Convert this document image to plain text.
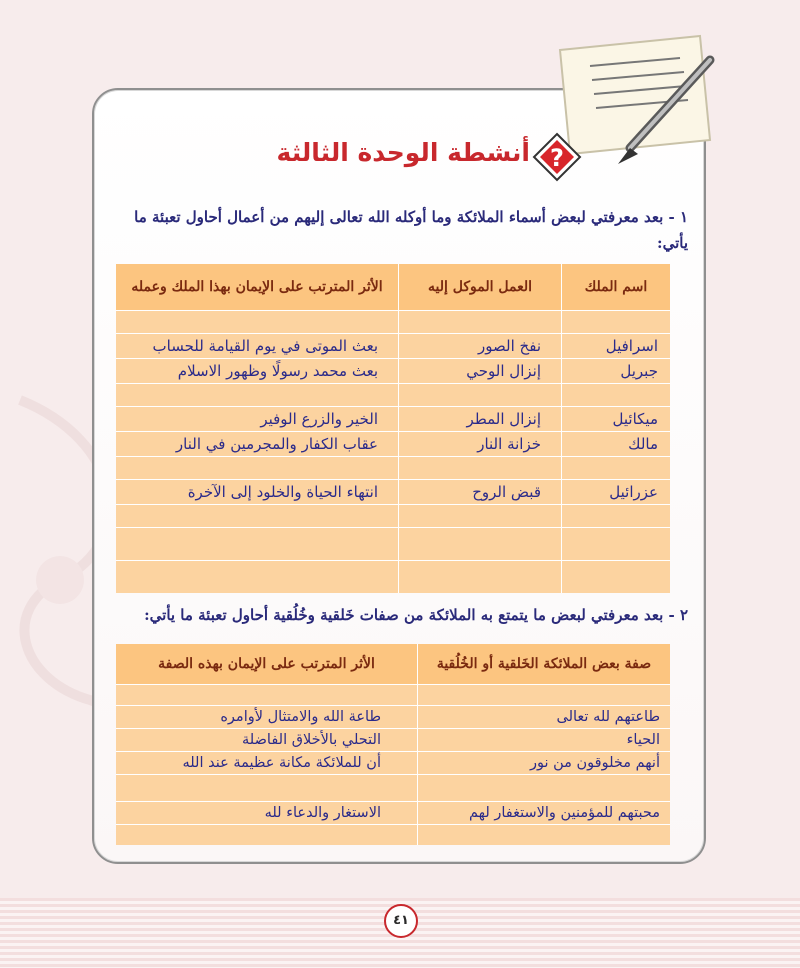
?
أنشطة الوحدة الثالثة
١ - بعد معرفتي لبعض أسماء الملائكة وما أوكله الله تعالى إليهم من أعمال أحاول تعبئة ما يأتي:
اسم الملك	العمل الموكل إليه	الأثر المترتب على الإيمان بهذا الملك وعمله

اسرافيل	نفخ الصور	بعث الموتى في يوم القيامة للحساب
جبريل	إنزال الوحي	بعث محمد رسولًا وظهور الاسلام

ميكائيل	إنزال المطر	الخير والزرع الوفير
مالك	خزانة النار	عقاب الكفار والمجرمين في النار

عزرائيل	قبض الروح	انتهاء الحياة والخلود إلى الآخرة

٢ - بعد معرفتي لبعض ما يتمتع به الملائكة من صفات خَلقية وخُلُقية أحاول تعبئة ما يأتي:
صفة بعض الملائكة الخَلقية أو الخُلُقية	الأثر المترتب على الإيمان بهذه الصفة

طاعتهم لله تعالى	طاعة الله والامتثال لأوامره
الحياء	التحلي بالأخلاق الفاضلة
أنهم مخلوقون من نور	أن للملائكة مكانة عظيمة عند الله

محبتهم للمؤمنين والاستغفار لهم	الاستغار والدعاء لله

٤١
